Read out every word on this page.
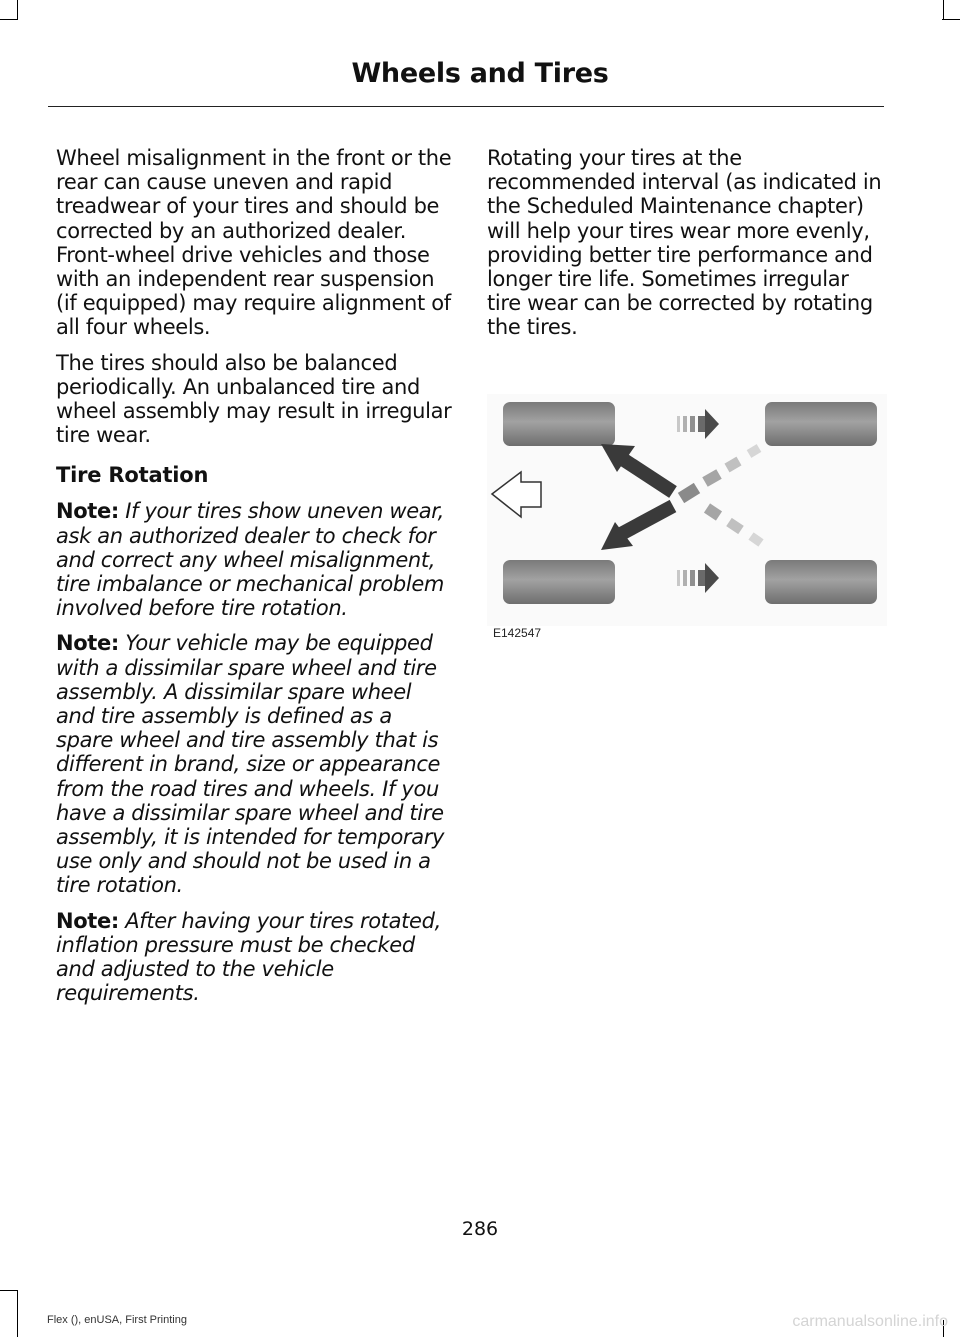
Wheels and Tires

Wheel misalignment in the front or the rear can cause uneven and rapid treadwear of your tires and should be corrected by an authorized dealer. Front-wheel drive vehicles and those with an independent rear suspension (if equipped) may require alignment of all four wheels.

The tires should also be balanced periodically. An unbalanced tire and wheel assembly may result in irregular tire wear.

Tire Rotation

Note: If your tires show uneven wear, ask an authorized dealer to check for and correct any wheel misalignment, tire imbalance or mechanical problem involved before tire rotation.

Note: Your vehicle may be equipped with a dissimilar spare wheel and tire assembly. A dissimilar spare wheel and tire assembly is defined as a spare wheel and tire assembly that is different in brand, size or appearance from the road tires and wheels. If you have a dissimilar spare wheel and tire assembly, it is intended for temporary use only and should not be used in a tire rotation.

Note: After having your tires rotated, inflation pressure must be checked and adjusted to the vehicle requirements.

Rotating your tires at the recommended interval (as indicated in the Scheduled Maintenance chapter) will help your tires wear more evenly, providing better tire performance and longer tire life. Sometimes irregular tire wear can be corrected by rotating the tires.

E142547
286
Flex (), enUSA, First Printing	carmanualsonline.info
